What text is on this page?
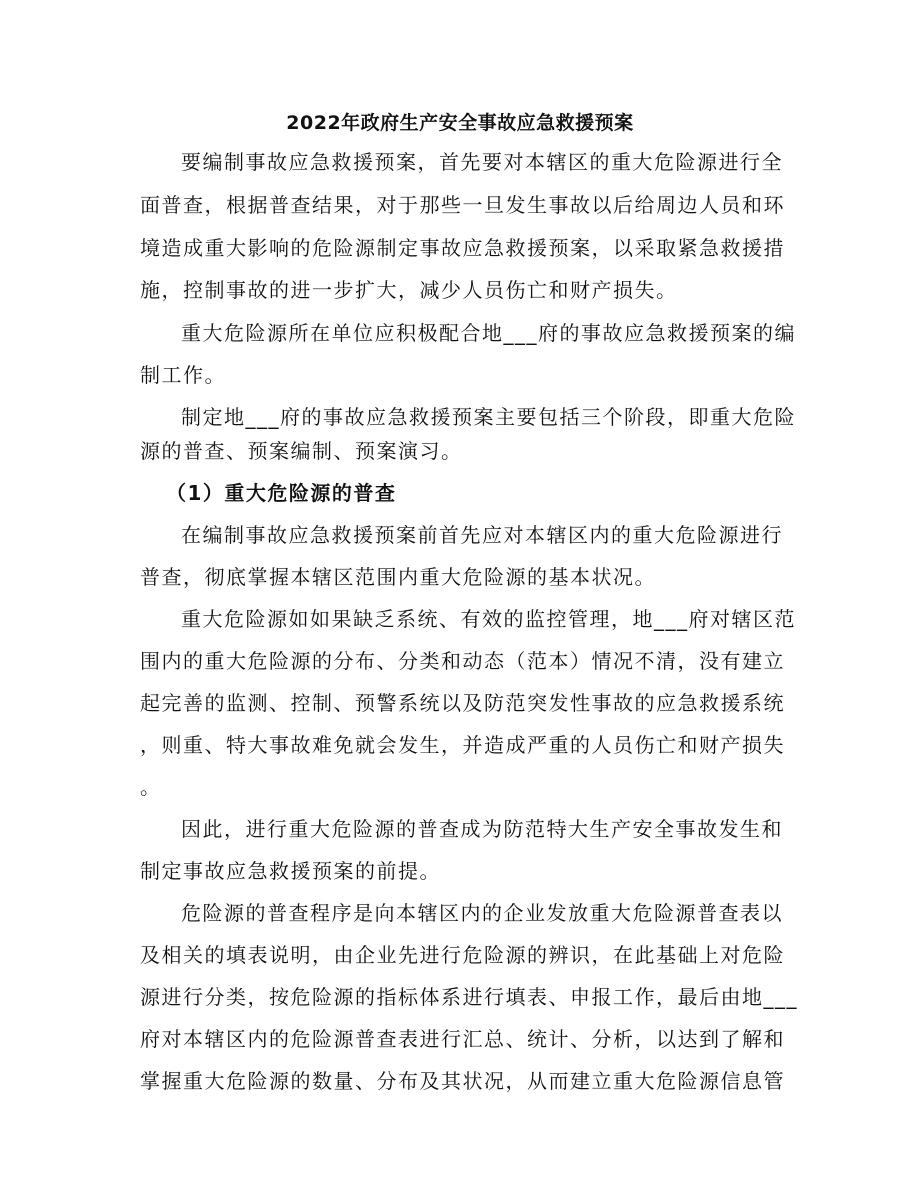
2022年政府生产安全事故应急救援预案
要编制事故应急救援预案，首先要对本辖区的重大危险源进行全
面普查，根据普查结果，对于那些一旦发生事故以后给周边人员和环
境造成重大影响的危险源制定事故应急救援预案，以采取紧急救援措
施，控制事故的进一步扩大，减少人员伤亡和财产损失。
重大危险源所在单位应积极配合地___府的事故应急救援预案的编
制工作。
制定地___府的事故应急救援预案主要包括三个阶段，即重大危险
源的普查、预案编制、预案演习。
（1）重大危险源的普查
在编制事故应急救援预案前首先应对本辖区内的重大危险源进行
普查，彻底掌握本辖区范围内重大危险源的基本状况。
重大危险源如如果缺乏系统、有效的监控管理，地___府对辖区范
围内的重大危险源的分布、分类和动态（范本）情况不清，没有建立
起完善的监测、控制、预警系统以及防范突发性事故的应急救援系统
，则重、特大事故难免就会发生，并造成严重的人员伤亡和财产损失
。
因此，进行重大危险源的普查成为防范特大生产安全事故发生和
制定事故应急救援预案的前提。
危险源的普查程序是向本辖区内的企业发放重大危险源普查表以
及相关的填表说明，由企业先进行危险源的辨识，在此基础上对危险
源进行分类，按危险源的指标体系进行填表、申报工作，最后由地___
府对本辖区内的危险源普查表进行汇总、统计、分析，以达到了解和
掌握重大危险源的数量、分布及其状况，从而建立重大危险源信息管
